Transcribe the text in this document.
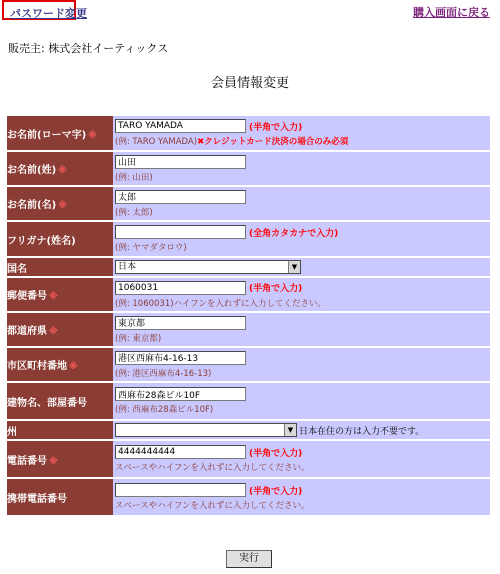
パスワード変更	購入画面に戻る
販売主: 株式会社イーティックス
会員情報変更
お名前(ローマ字) ※	
TARO YAMADA
(半角で入力)
(例: TARO YAMADA)✖クレジットカード決済の場合のみ必須

お名前(姓) ※	
山田
(例: 山田)

お名前(名) ※	
太郎
(例: 太郎)

フリガナ(姓名)	(全角カタカナで入力)
(例: ヤマダタロウ)

国名	日本 ▼

郵便番号 ※	
1060031
(半角で入力)
(例: 1060031)ハイフンを入れずに入力してください。

都道府県 ※	
東京都
(例: 東京都)

市区町村番地 ※	
港区西麻布4-16-13
(例: 港区西麻布4-16-13)

建物名、部屋番号	
西麻布28森ビル10F
(例: 西麻布28森ビル10F)

州	▼ 日本在住の方は入力不要です。

電話番号 ※	
4444444444
(半角で入力)
スペースやハイフンを入れずに入力してください。

携帯電話番号	(半角で入力)
スペースやハイフンを入れずに入力してください。
実行
